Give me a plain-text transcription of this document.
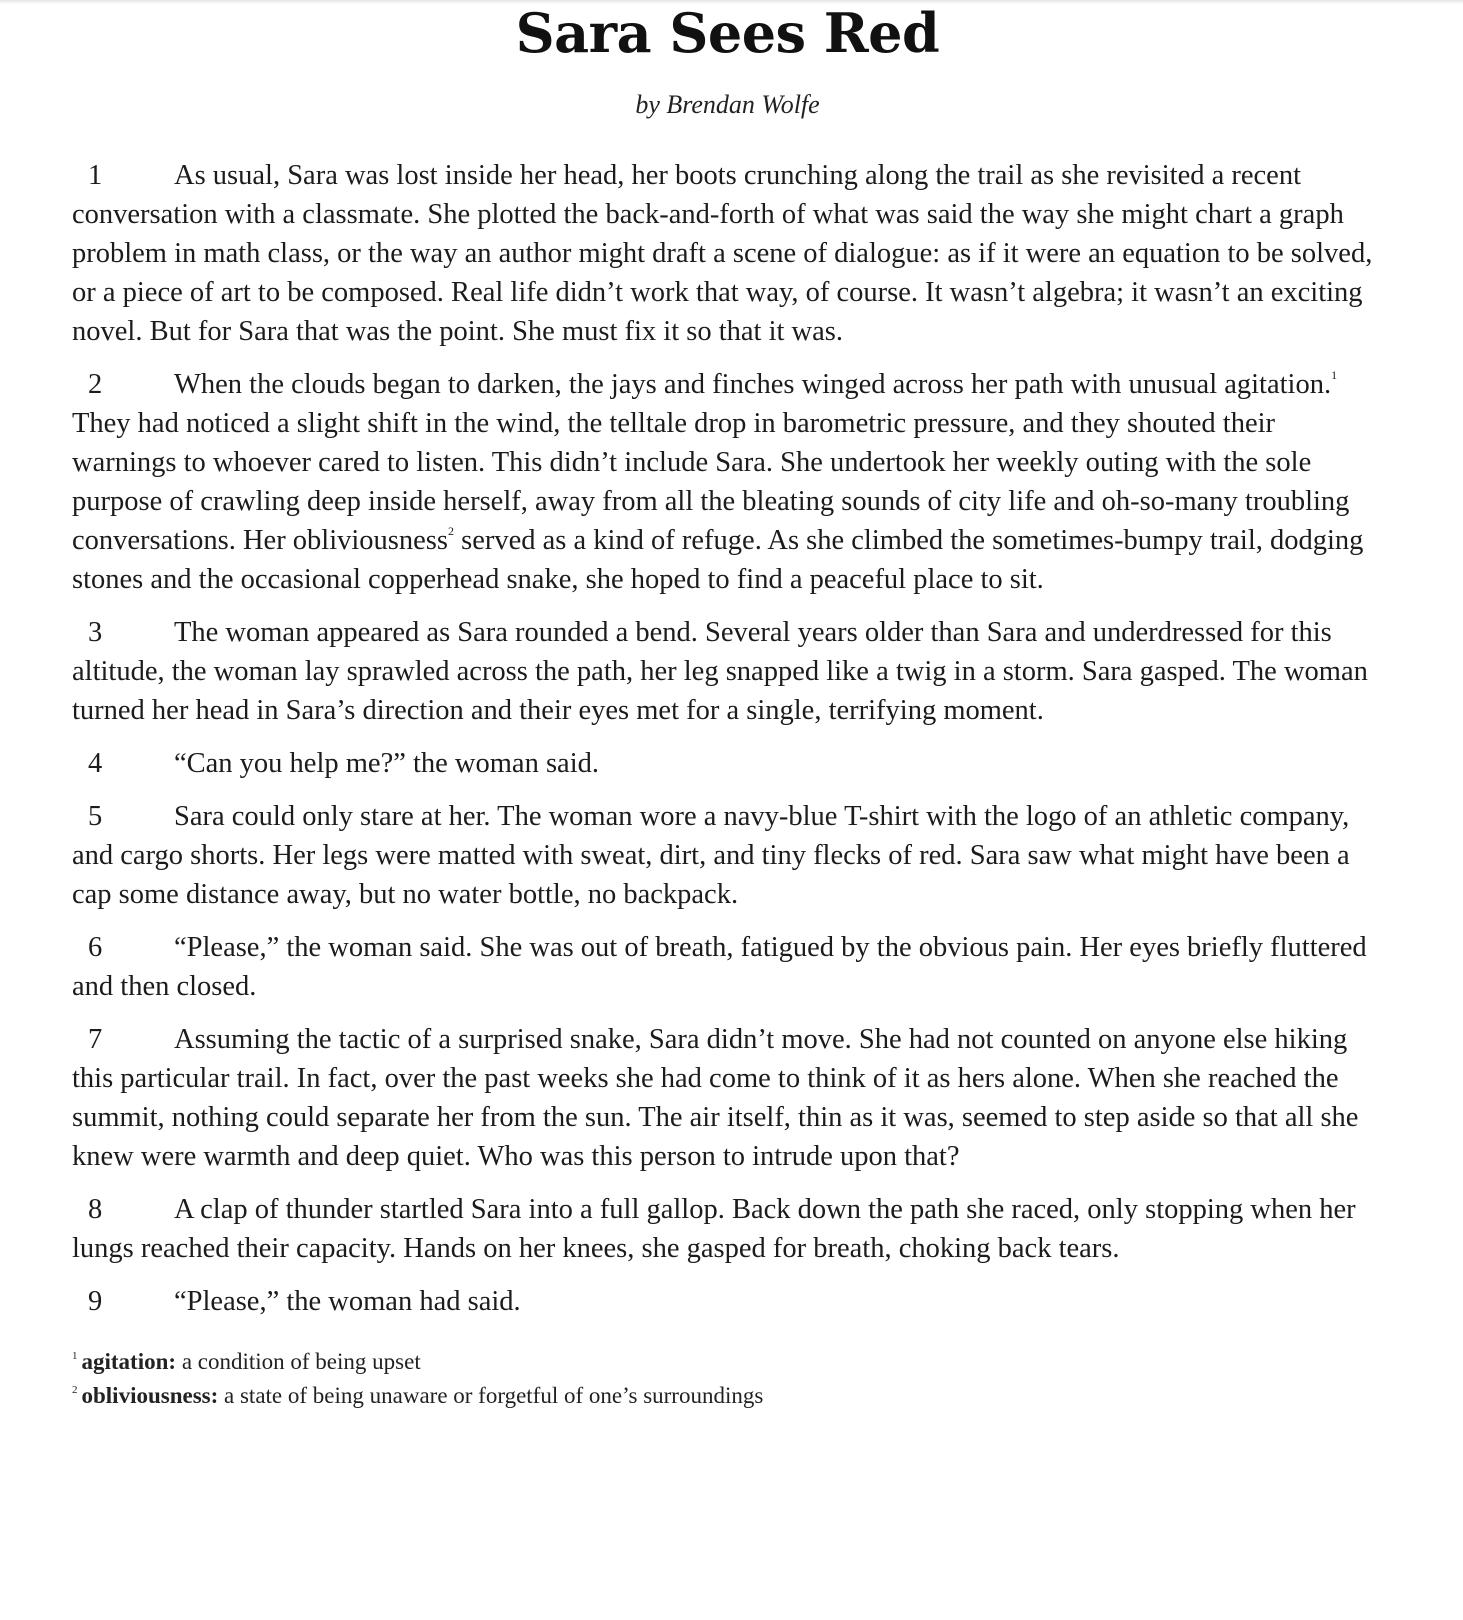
Sara Sees Red
by Brendan Wolfe

1	As usual, Sara was lost inside her head, her boots crunching along the trail as she revisited a recent conversation with a classmate. She plotted the back-and-forth of what was said the way she might chart a graph problem in math class, or the way an author might draft a scene of dialogue: as if it were an equation to be solved, or a piece of art to be composed. Real life didn’t work that way, of course. It wasn’t algebra; it wasn’t an exciting novel. But for Sara that was the point. She must fix it so that it was.

2	When the clouds began to darken, the jays and finches winged across her path with unusual agitation.$^1$ They had noticed a slight shift in the wind, the telltale drop in barometric pressure, and they shouted their warnings to whoever cared to listen. This didn’t include Sara. She undertook her weekly outing with the sole purpose of crawling deep inside herself, away from all the bleating sounds of city life and oh-so-many troubling conversations. Her obliviousness$^2$ served as a kind of refuge. As she climbed the sometimes-bumpy trail, dodging stones and the occasional copperhead snake, she hoped to find a peaceful place to sit.

3	The woman appeared as Sara rounded a bend. Several years older than Sara and underdressed for this altitude, the woman lay sprawled across the path, her leg snapped like a twig in a storm. Sara gasped. The woman turned her head in Sara’s direction and their eyes met for a single, terrifying moment.

4	“Can you help me?” the woman said.

5	Sara could only stare at her. The woman wore a navy-blue T-shirt with the logo of an athletic company, and cargo shorts. Her legs were matted with sweat, dirt, and tiny flecks of red. Sara saw what might have been a cap some distance away, but no water bottle, no backpack.

6	“Please,” the woman said. She was out of breath, fatigued by the obvious pain. Her eyes briefly fluttered and then closed.

7	Assuming the tactic of a surprised snake, Sara didn’t move. She had not counted on anyone else hiking this particular trail. In fact, over the past weeks she had come to think of it as hers alone. When she reached the summit, nothing could separate her from the sun. The air itself, thin as it was, seemed to step aside so that all she knew were warmth and deep quiet. Who was this person to intrude upon that?

8	A clap of thunder startled Sara into a full gallop. Back down the path she raced, only stopping when her lungs reached their capacity. Hands on her knees, she gasped for breath, choking back tears.

9	“Please,” the woman had said.

$^1$ agitation: a condition of being upset
$^2$ obliviousness: a state of being unaware or forgetful of one’s surroundings
